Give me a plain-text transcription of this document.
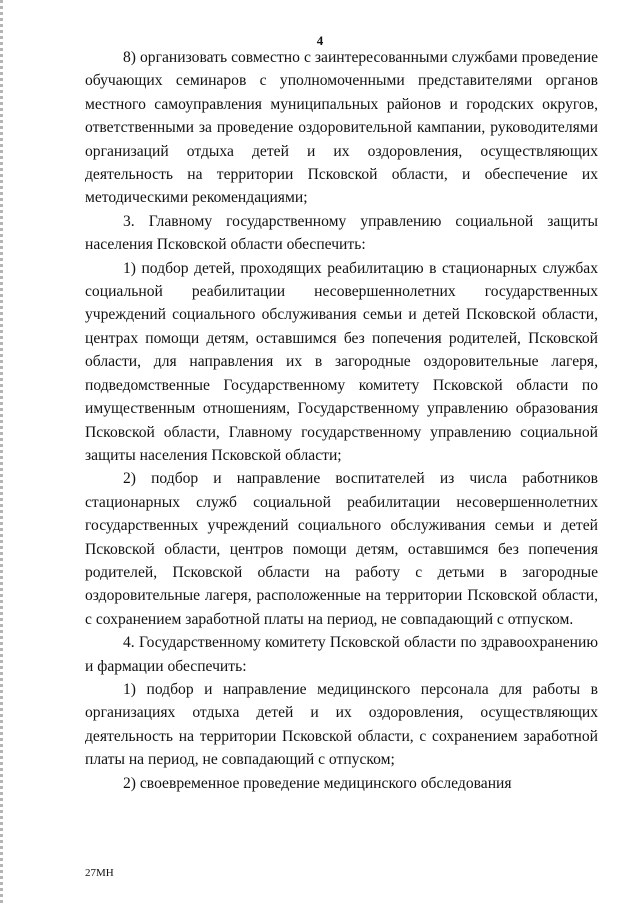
4

8) организовать совместно с заинтересованными службами проведение обучающих семинаров с уполномоченными представителями органов местного самоуправления муниципальных районов и городских округов, ответственными за проведение оздоровительной кампании, руководителями организаций отдыха детей и их оздоровления, осуществляющих деятельность на территории Псковской области, и обеспечение их методическими рекомендациями;

3. Главному государственному управлению социальной защиты населения Псковской области обеспечить:

1) подбор детей, проходящих реабилитацию в стационарных службах социальной реабилитации несовершеннолетних государственных учреждений социального обслуживания семьи и детей Псковской области, центрах помощи детям, оставшимся без попечения родителей, Псковской области, для направления их в загородные оздоровительные лагеря, подведомственные Государственному комитету Псковской области по имущественным отношениям, Государственному управлению образования Псковской области, Главному государственному управлению социальной защиты населения Псковской области;

2) подбор и направление воспитателей из числа работников стационарных служб социальной реабилитации несовершеннолетних государственных учреждений социального обслуживания семьи и детей Псковской области, центров помощи детям, оставшимся без попечения родителей, Псковской области на работу с детьми в загородные оздоровительные лагеря, расположенные на территории Псковской области, с сохранением заработной платы на период, не совпадающий с отпуском.

4. Государственному комитету Псковской области по здравоохранению и фармации обеспечить:

1) подбор и направление медицинского персонала для работы в организациях отдыха детей и их оздоровления, осуществляющих деятельность на территории Псковской области, с сохранением заработной платы на период, не совпадающий с отпуском;

2) своевременное проведение медицинского обследования

27МН
